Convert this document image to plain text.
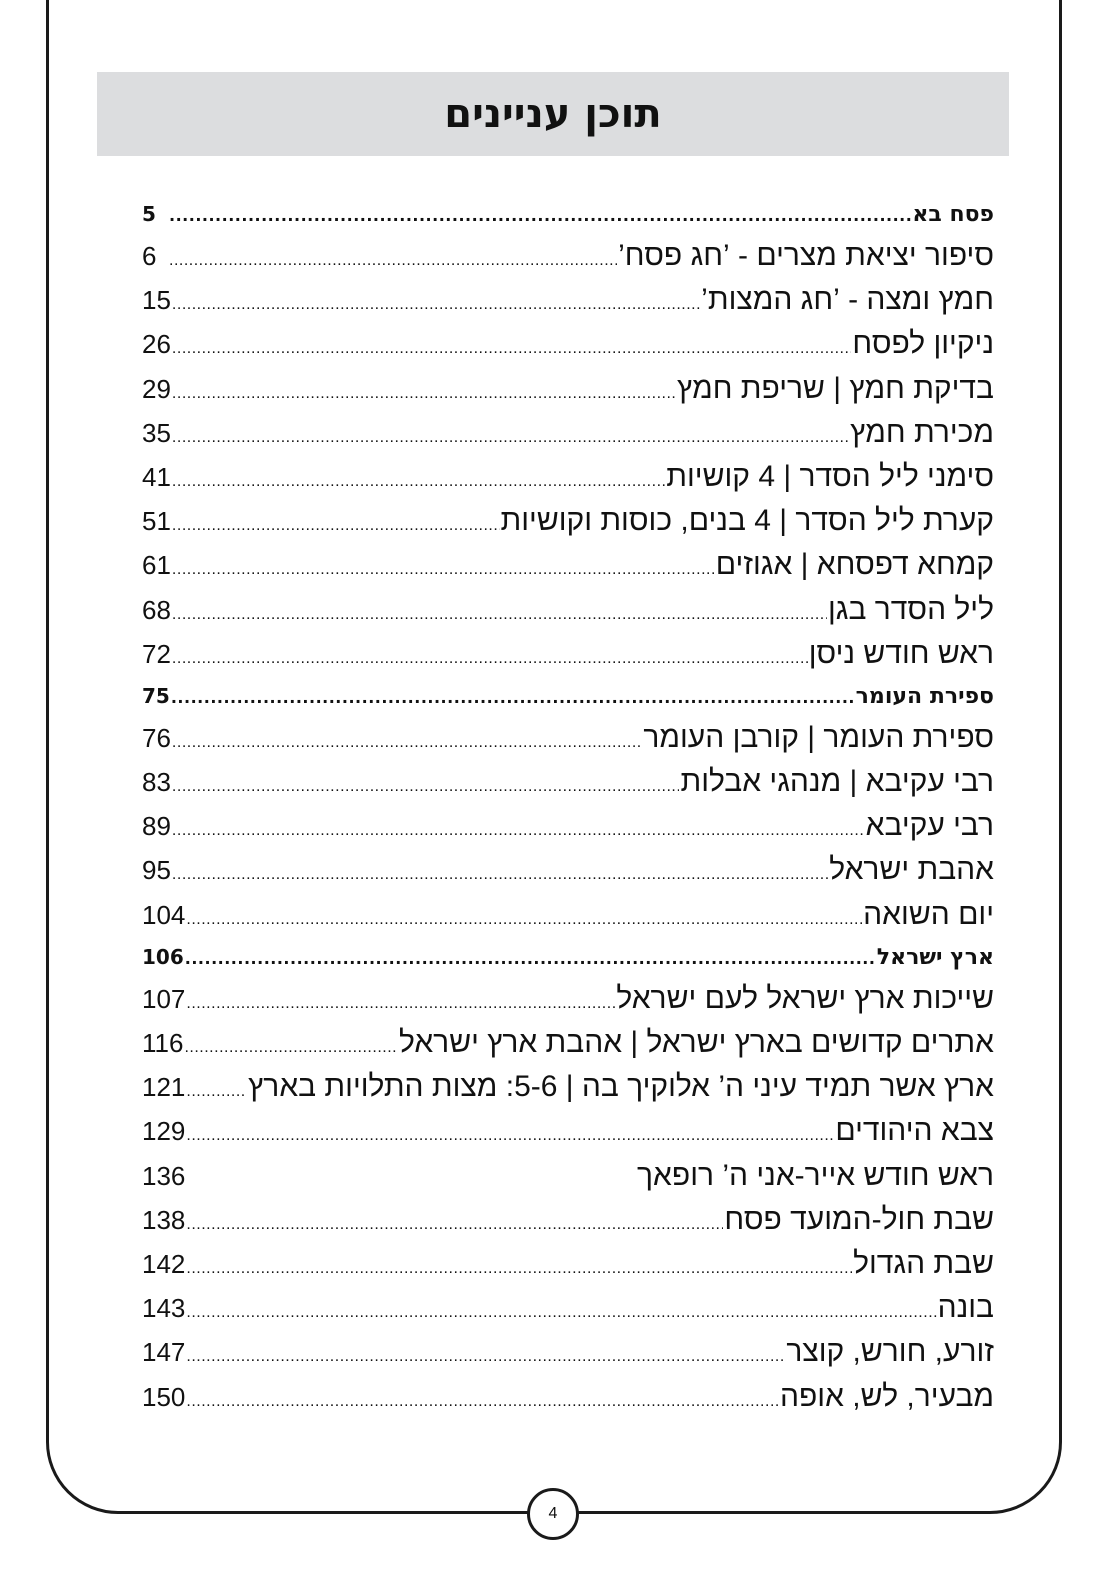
תוכן עניינים
פסח בא
.....
5
סיפור יציאת מצרים - ’חג פסח’
.....
6
חמץ ומצה - ’חג המצות’
.....
15
ניקיון לפסח
.....
26
בדיקת חמץ | שריפת חמץ
.....
29
מכירת חמץ
.....
35
סימני ליל הסדר | 4 קושיות
.....
41
קערת ליל הסדר | 4 בנים, כוסות וקושיות
.....
51
קמחא דפסחא | אגוזים
.....
61
ליל הסדר בגן
.....
68
ראש חודש ניסן
.....
72
ספירת העומר
.....
75
ספירת העומר | קורבן העומר
.....
76
רבי עקיבא | מנהגי אבלות
.....
83
רבי עקיבא
.....
89
אהבת ישראל
.....
95
יום השואה
.....
104
ארץ ישראל
.....
106
שייכות ארץ ישראל לעם ישראל
.....
107
אתרים קדושים בארץ ישראל | אהבת ארץ ישראל
.....
116
ארץ אשר תמיד עיני ה’ אלוקיך בה | 5-6: מצות התלויות בארץ
.....
121
צבא היהודים
.....
129
ראש חודש אייר-אני ה’ רופאך
136
שבת חול-המועד פסח
.....
138
שבת הגדול
.....
142
בונה
.....
143
זורע, חורש, קוצר
.....
147
מבעיר, לש, אופה
.....
150
4
